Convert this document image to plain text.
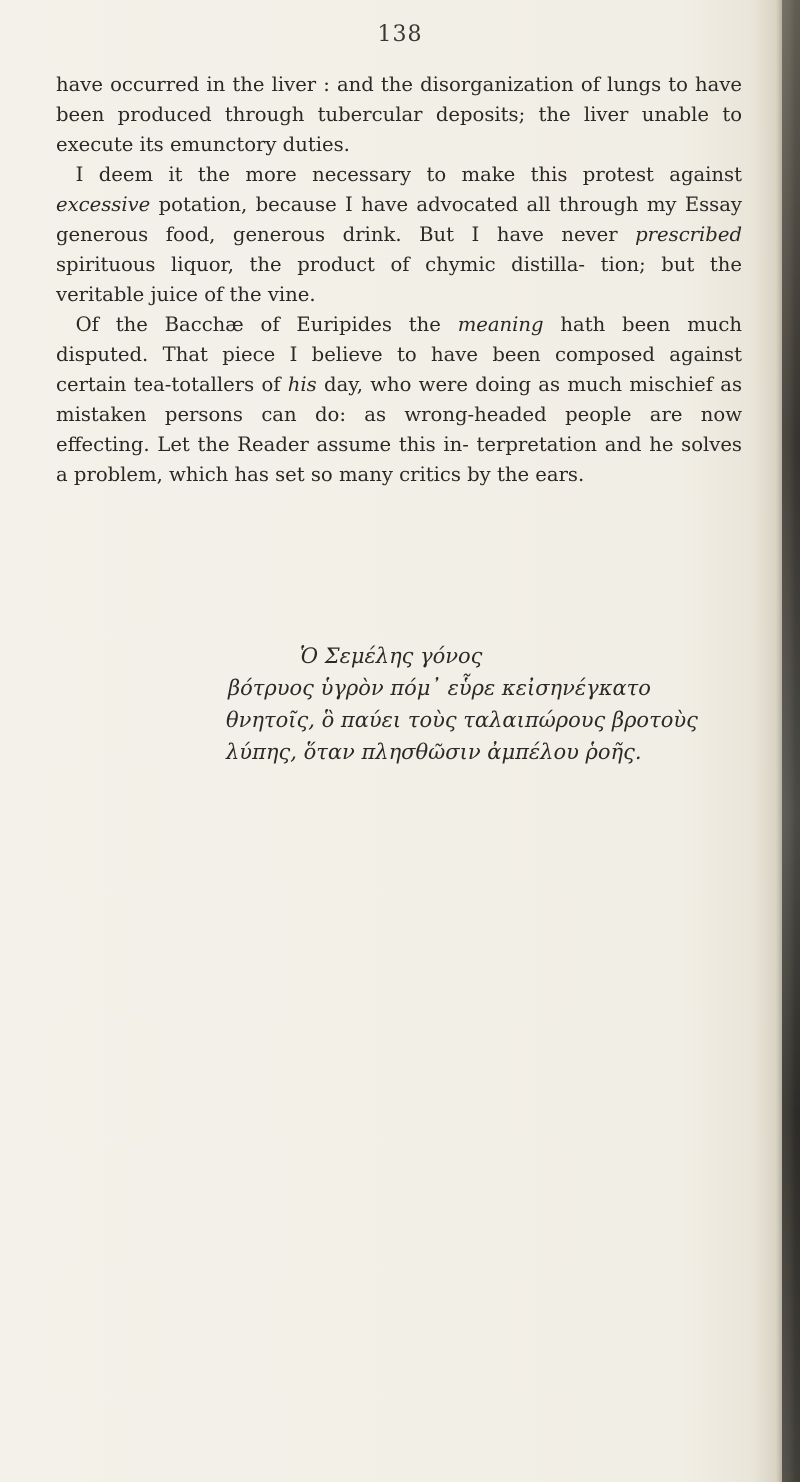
138

have occurred in the liver : and the disorganization of lungs to have been produced through tubercular deposits; the liver unable to execute its emunctory duties.

 I deem it the more necessary to make this protest against excessive potation, because I have advocated all through my Essay generous food, generous drink. But I have never prescribed spirituous liquor, the product of chymic distilla- tion; but the veritable juice of the vine.

 Of the Bacchæ of Euripides the meaning hath been much disputed. That piece I believe to have been composed against certain tea-totallers of his day, who were doing as much mischief as mistaken persons can do: as wrong-headed people are now effecting. Let the Reader assume this in- terpretation and he solves a problem, which has set so many critics by the ears.

Ὁ Σεμέλης γόνος
βότρυος ὑγρὸν πόμ᾽ εὗρε κεἰσηνέγκατο
θνητοῖς, ὃ παύει τοὺς ταλαιπώρους βροτοὺς
λύπης, ὅταν πλησθῶσιν ἀμπέλου ῥοῆς.
